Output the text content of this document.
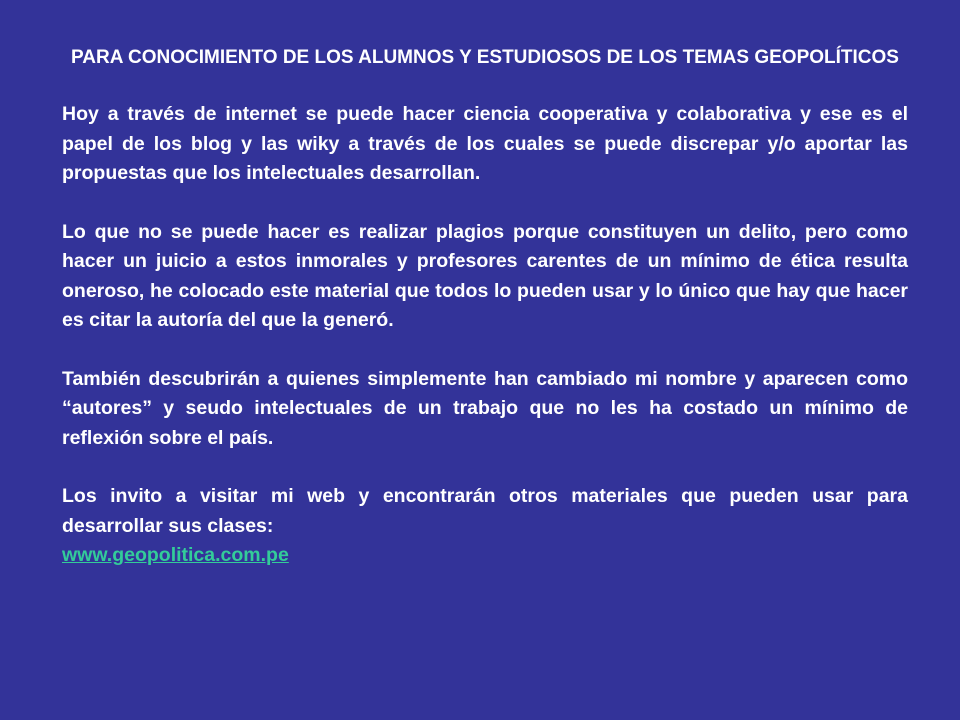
PARA CONOCIMIENTO DE LOS ALUMNOS Y ESTUDIOSOS DE LOS TEMAS GEOPOLÍTICOS

Hoy a través de internet se puede hacer ciencia cooperativa y colaborativa y ese es el papel de los blog y las wiky a través de los cuales se puede discrepar y/o aportar las propuestas que los intelectuales desarrollan.

Lo que no se puede hacer es realizar plagios porque constituyen un delito, pero como hacer un juicio a estos inmorales y profesores carentes de un mínimo de ética resulta oneroso, he colocado este material que todos lo pueden usar y lo único que hay que hacer es citar la autoría del que la generó.

También descubrirán a quienes simplemente han cambiado mi nombre y aparecen como “autores” y seudo intelectuales de un trabajo que no les ha costado un mínimo de reflexión sobre el país.

Los invito a visitar mi web y encontrarán otros materiales que pueden usar para desarrollar sus clases:

www.geopolitica.com.pe
